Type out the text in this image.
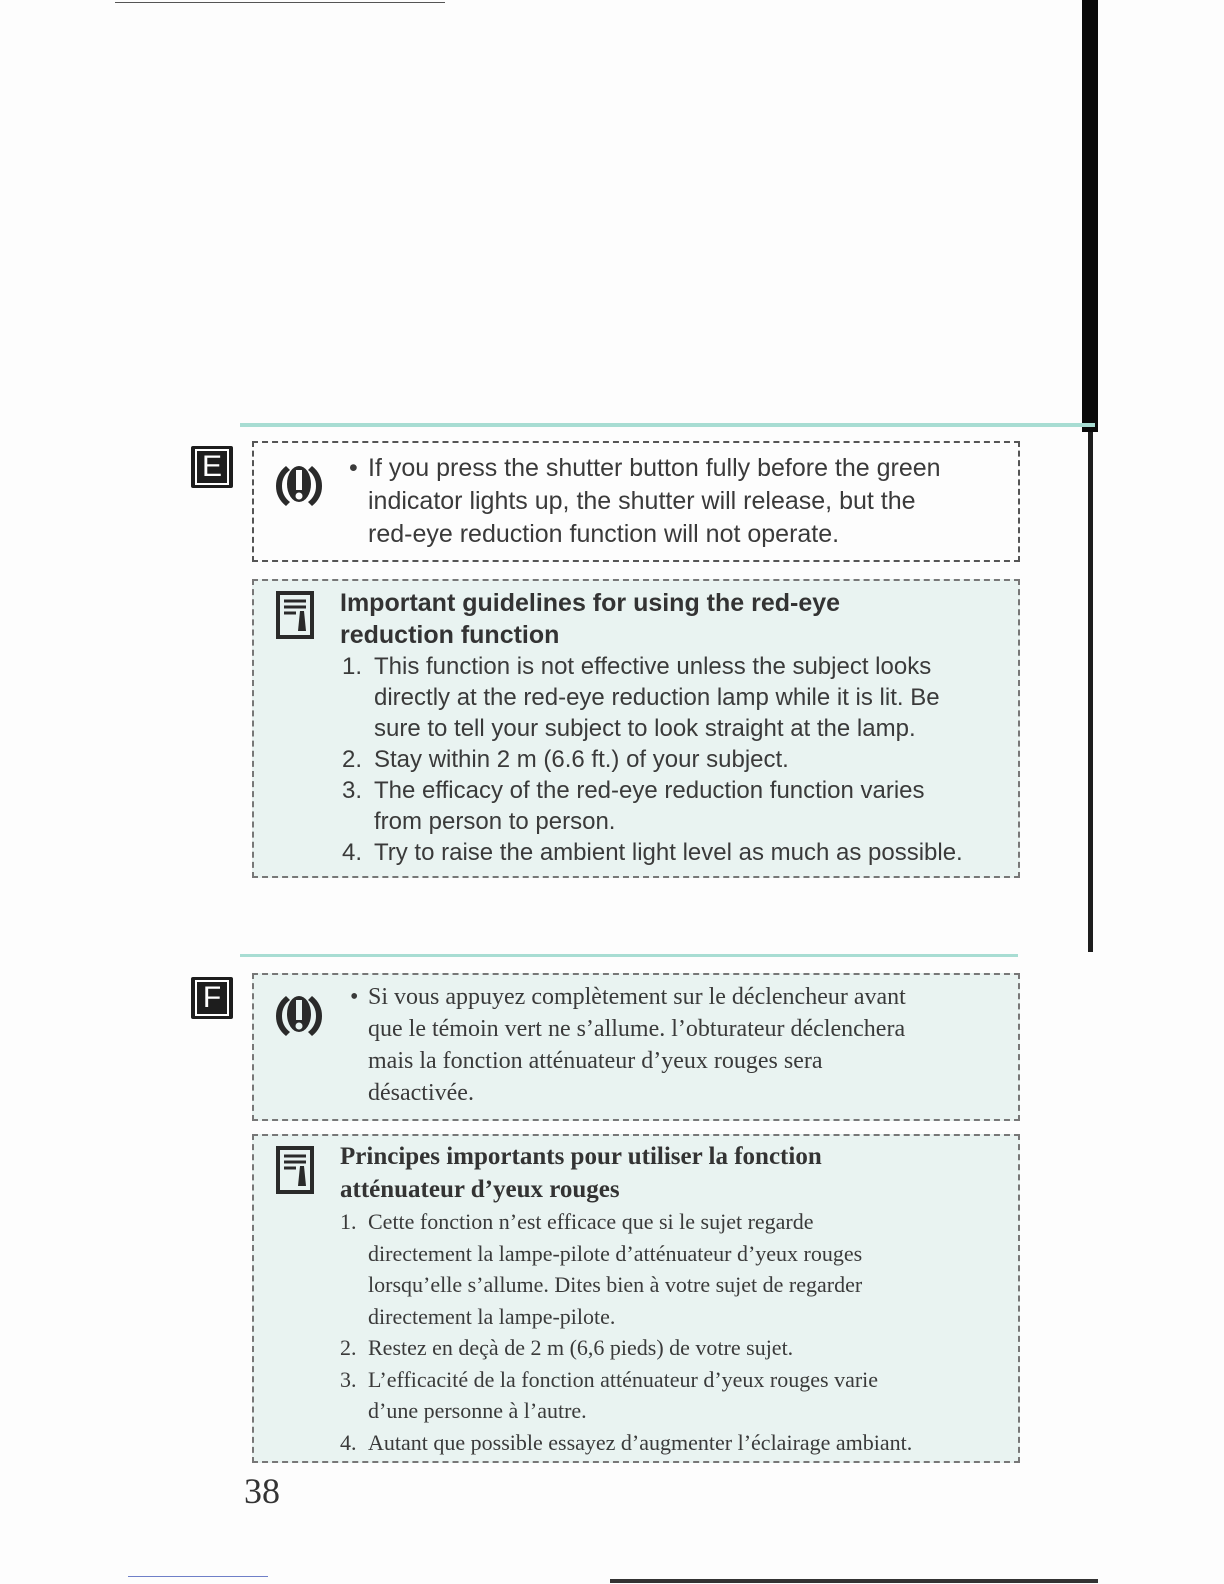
E	• If you press the shutter button fully before the green
indicator lights up, the shutter will release, but the
red-eye reduction function will not operate.
Important guidelines for using the red-eye
reduction function
1. This function is not effective unless the subject looks
directly at the red-eye reduction lamp while it is lit. Be
sure to tell your subject to look straight at the lamp.
2. Stay within 2 m (6.6 ft.) of your subject.
3. The efficacy of the red-eye reduction function varies
from person to person.
4. Try to raise the ambient light level as much as possible.
F	• Si vous appuyez complètement sur le déclencheur avant
que le témoin vert ne s’allume. l’obturateur déclenchera
mais la fonction atténuateur d’yeux rouges sera
désactivée.
Principes importants pour utiliser la fonction
atténuateur d’yeux rouges
1. Cette fonction n’est efficace que si le sujet regarde
directement la lampe-pilote d’atténuateur d’yeux rouges
lorsqu’elle s’allume. Dites bien à votre sujet de regarder
directement la lampe-pilote.
2. Restez en deçà de 2 m (6,6 pieds) de votre sujet.
3. L’efficacité de la fonction atténuateur d’yeux rouges varie
d’une personne à l’autre.
4. Autant que possible essayez d’augmenter l’éclairage ambiant.
38
